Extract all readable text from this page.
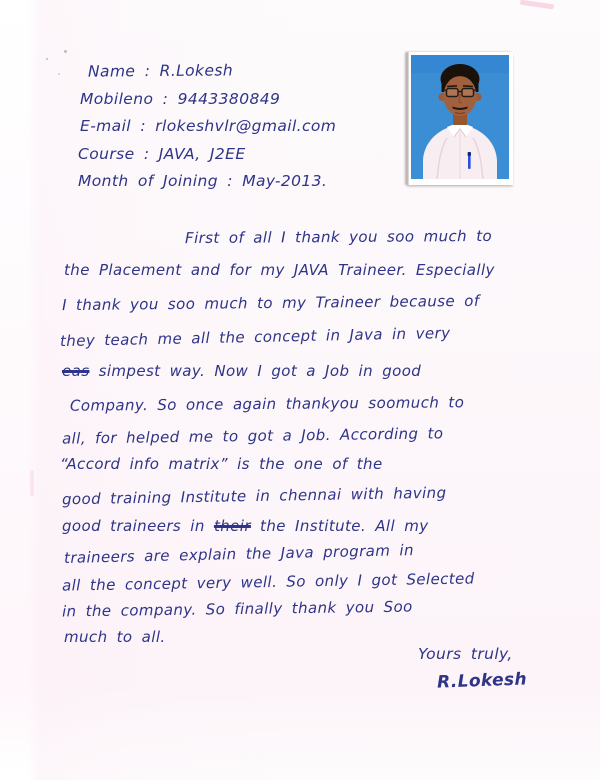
Name : R.Lokesh
Mobileno : 9443380849
E-mail : rlokeshvlr@gmail.com
Course : JAVA, J2EE
Month of Joining : May-2013.
First of all I thank you soo much to
the Placement and for my JAVA Traineer. Especially
I thank you soo much to my Traineer because of
they teach me all the concept in Java in very
eas simpest way. Now I got a Job in good
Company. So once again thankyou soomuch to
all, for helped me to got a Job. According to
“Accord info matrix” is the one of the
good training Institute in chennai with having
good traineers in their the Institute. All my
traineers are explain the Java program in
all the concept very well. So only I got Selected
in the company. So finally thank you Soo
much to all.
Yours truly,
R.Lokesh
